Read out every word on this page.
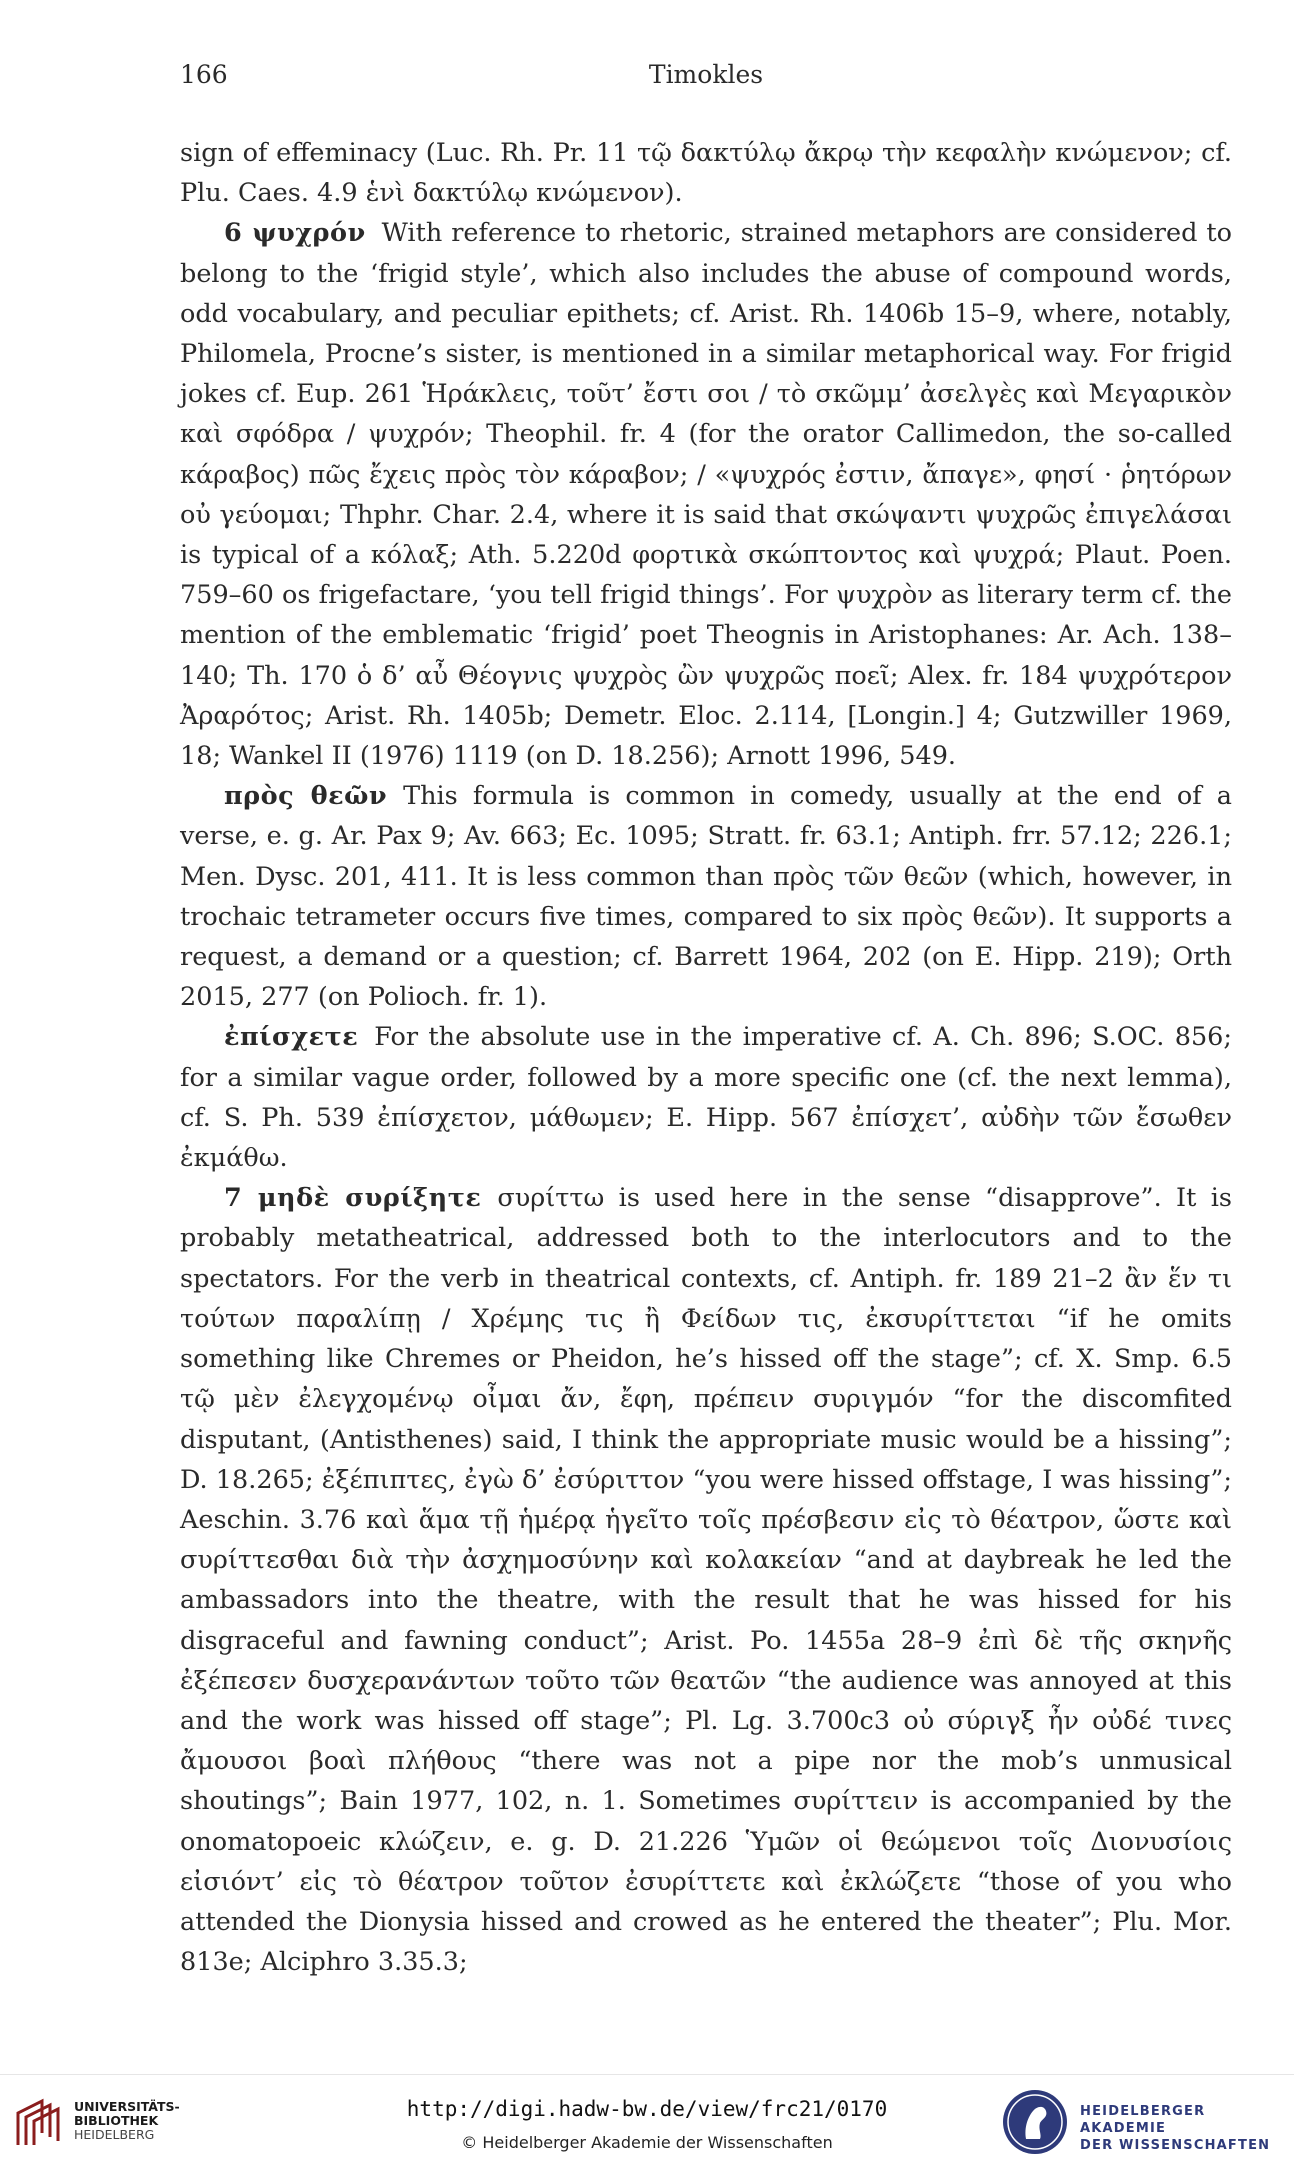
166	Timokles

sign of effeminacy (Luc. Rh. Pr. 11 τῷ δακτύλῳ ἄκρῳ τὴν κεφαλὴν κνώμενον; cf. Plu. Caes. 4.9 ἑνὶ δακτύλῳ κνώμενον).

6 ψυχρόν With reference to rhetoric, strained metaphors are considered to belong to the ‘frigid style’, which also includes the abuse of compound words, odd vocabulary, and peculiar epithets; cf. Arist. Rh. 1406b 15–9, where, notably, Philomela, Procne’s sister, is mentioned in a similar metaphorical way. For frigid jokes cf. Eup. 261 Ἡράκλεις, τοῦτ’ ἔστι σοι / τὸ σκῶμμ’ ἀσελγὲς καὶ Μεγαρικὸν καὶ σφόδρα / ψυχρόν; Theophil. fr. 4 (for the orator Callimedon, the so-called κάραβος) πῶς ἔχεις πρὸς τὸν κάραβον; / «ψυχρός ἐστιν, ἄπαγε», φησί · ῥητόρων οὐ γεύομαι; Thphr. Char. 2.4, where it is said that σκώψαντι ψυχρῶς ἐπιγελάσαι is typical of a κόλαξ; Ath. 5.220d φορτικὰ σκώπτοντος καὶ ψυχρά; Plaut. Poen. 759–60 os frigefactare, ‘you tell frigid things’. For ψυχρὸν as literary term cf. the mention of the emblematic ‘frigid’ poet Theognis in Aristophanes: Ar. Ach. 138–140; Th. 170 ὁ δ’ αὖ Θέογνις ψυχρὸς ὢν ψυχρῶς ποεῖ; Alex. fr. 184 ψυχρότερον Ἀραρότος; Arist. Rh. 1405b; Demetr. Eloc. 2.114, [Longin.] 4; Gutzwiller 1969, 18; Wankel II (1976) 1119 (on D. 18.256); Arnott 1996, 549.

πρὸς θεῶν This formula is common in comedy, usually at the end of a verse, e. g. Ar. Pax 9; Av. 663; Ec. 1095; Stratt. fr. 63.1; Antiph. frr. 57.12; 226.1; Men. Dysc. 201, 411. It is less common than πρὸς τῶν θεῶν (which, however, in trochaic tetrameter occurs five times, compared to six πρὸς θεῶν). It supports a request, a demand or a question; cf. Barrett 1964, 202 (on E. Hipp. 219); Orth 2015, 277 (on Polioch. fr. 1).

ἐπίσχετε For the absolute use in the imperative cf. A. Ch. 896; S.OC. 856; for a similar vague order, followed by a more specific one (cf. the next lemma), cf. S. Ph. 539 ἐπίσχετον, μάθωμεν; E. Hipp. 567 ἐπίσχετ’, αὐδὴν τῶν ἔσωθεν ἐκμάθω.

7 μηδὲ συρίξητε συρίττω is used here in the sense “disapprove”. It is probably metatheatrical, addressed both to the interlocutors and to the spectators. For the verb in theatrical contexts, cf. Antiph. fr. 189 21–2 ἂν ἕν τι τούτων παραλίπῃ / Χρέμης τις ἢ Φείδων τις, ἐκσυρίττεται “if he omits something like Chremes or Pheidon, he’s hissed off the stage”; cf. X. Smp. 6.5 τῷ μὲν ἐλεγχομένῳ οἶμαι ἄν, ἔφη, πρέπειν συριγμόν “for the discomfited disputant, (Antisthenes) said, I think the appropriate music would be a hissing”; D. 18.265; ἐξέπιπτες, ἐγὼ δ’ ἐσύριττον “you were hissed offstage, I was hissing”; Aeschin. 3.76 καὶ ἅμα τῇ ἡμέρᾳ ἡγεῖτο τοῖς πρέσβεσιν εἰς τὸ θέατρον, ὥστε καὶ συρίττεσθαι διὰ τὴν ἀσχημοσύνην καὶ κολακείαν “and at daybreak he led the ambassadors into the theatre, with the result that he was hissed for his disgraceful and fawning conduct”; Arist. Po. 1455a 28–9 ἐπὶ δὲ τῆς σκηνῆς ἐξέπεσεν δυσχερανάντων τοῦτο τῶν θεατῶν “the audience was annoyed at this and the work was hissed off stage”; Pl. Lg. 3.700c3 οὐ σύριγξ ἦν οὐδέ τινες ἄμουσοι βοαὶ πλήθους “there was not a pipe nor the mob’s unmusical shoutings”; Bain 1977, 102, n. 1. Sometimes συρίττειν is accompanied by the onomatopoeic κλώζειν, e. g. D. 21.226 Ὑμῶν οἱ θεώμενοι τοῖς Διονυσίοις εἰσιόντ’ εἰς τὸ θέατρον τοῦτον ἐσυρίττετε καὶ ἐκλώζετε “those of you who attended the Dionysia hissed and crowed as he entered the theater”; Plu. Mor. 813e; Alciphro 3.35.3;

UNIVERSITÄTS-
BIBLIOTHEK
HEIDELBERG
http://digi.hadw-bw.de/view/frc21/0170
© Heidelberger Akademie der Wissenschaften
HEIDELBERGER AKADEMIE
DER WISSENSCHAFTEN
